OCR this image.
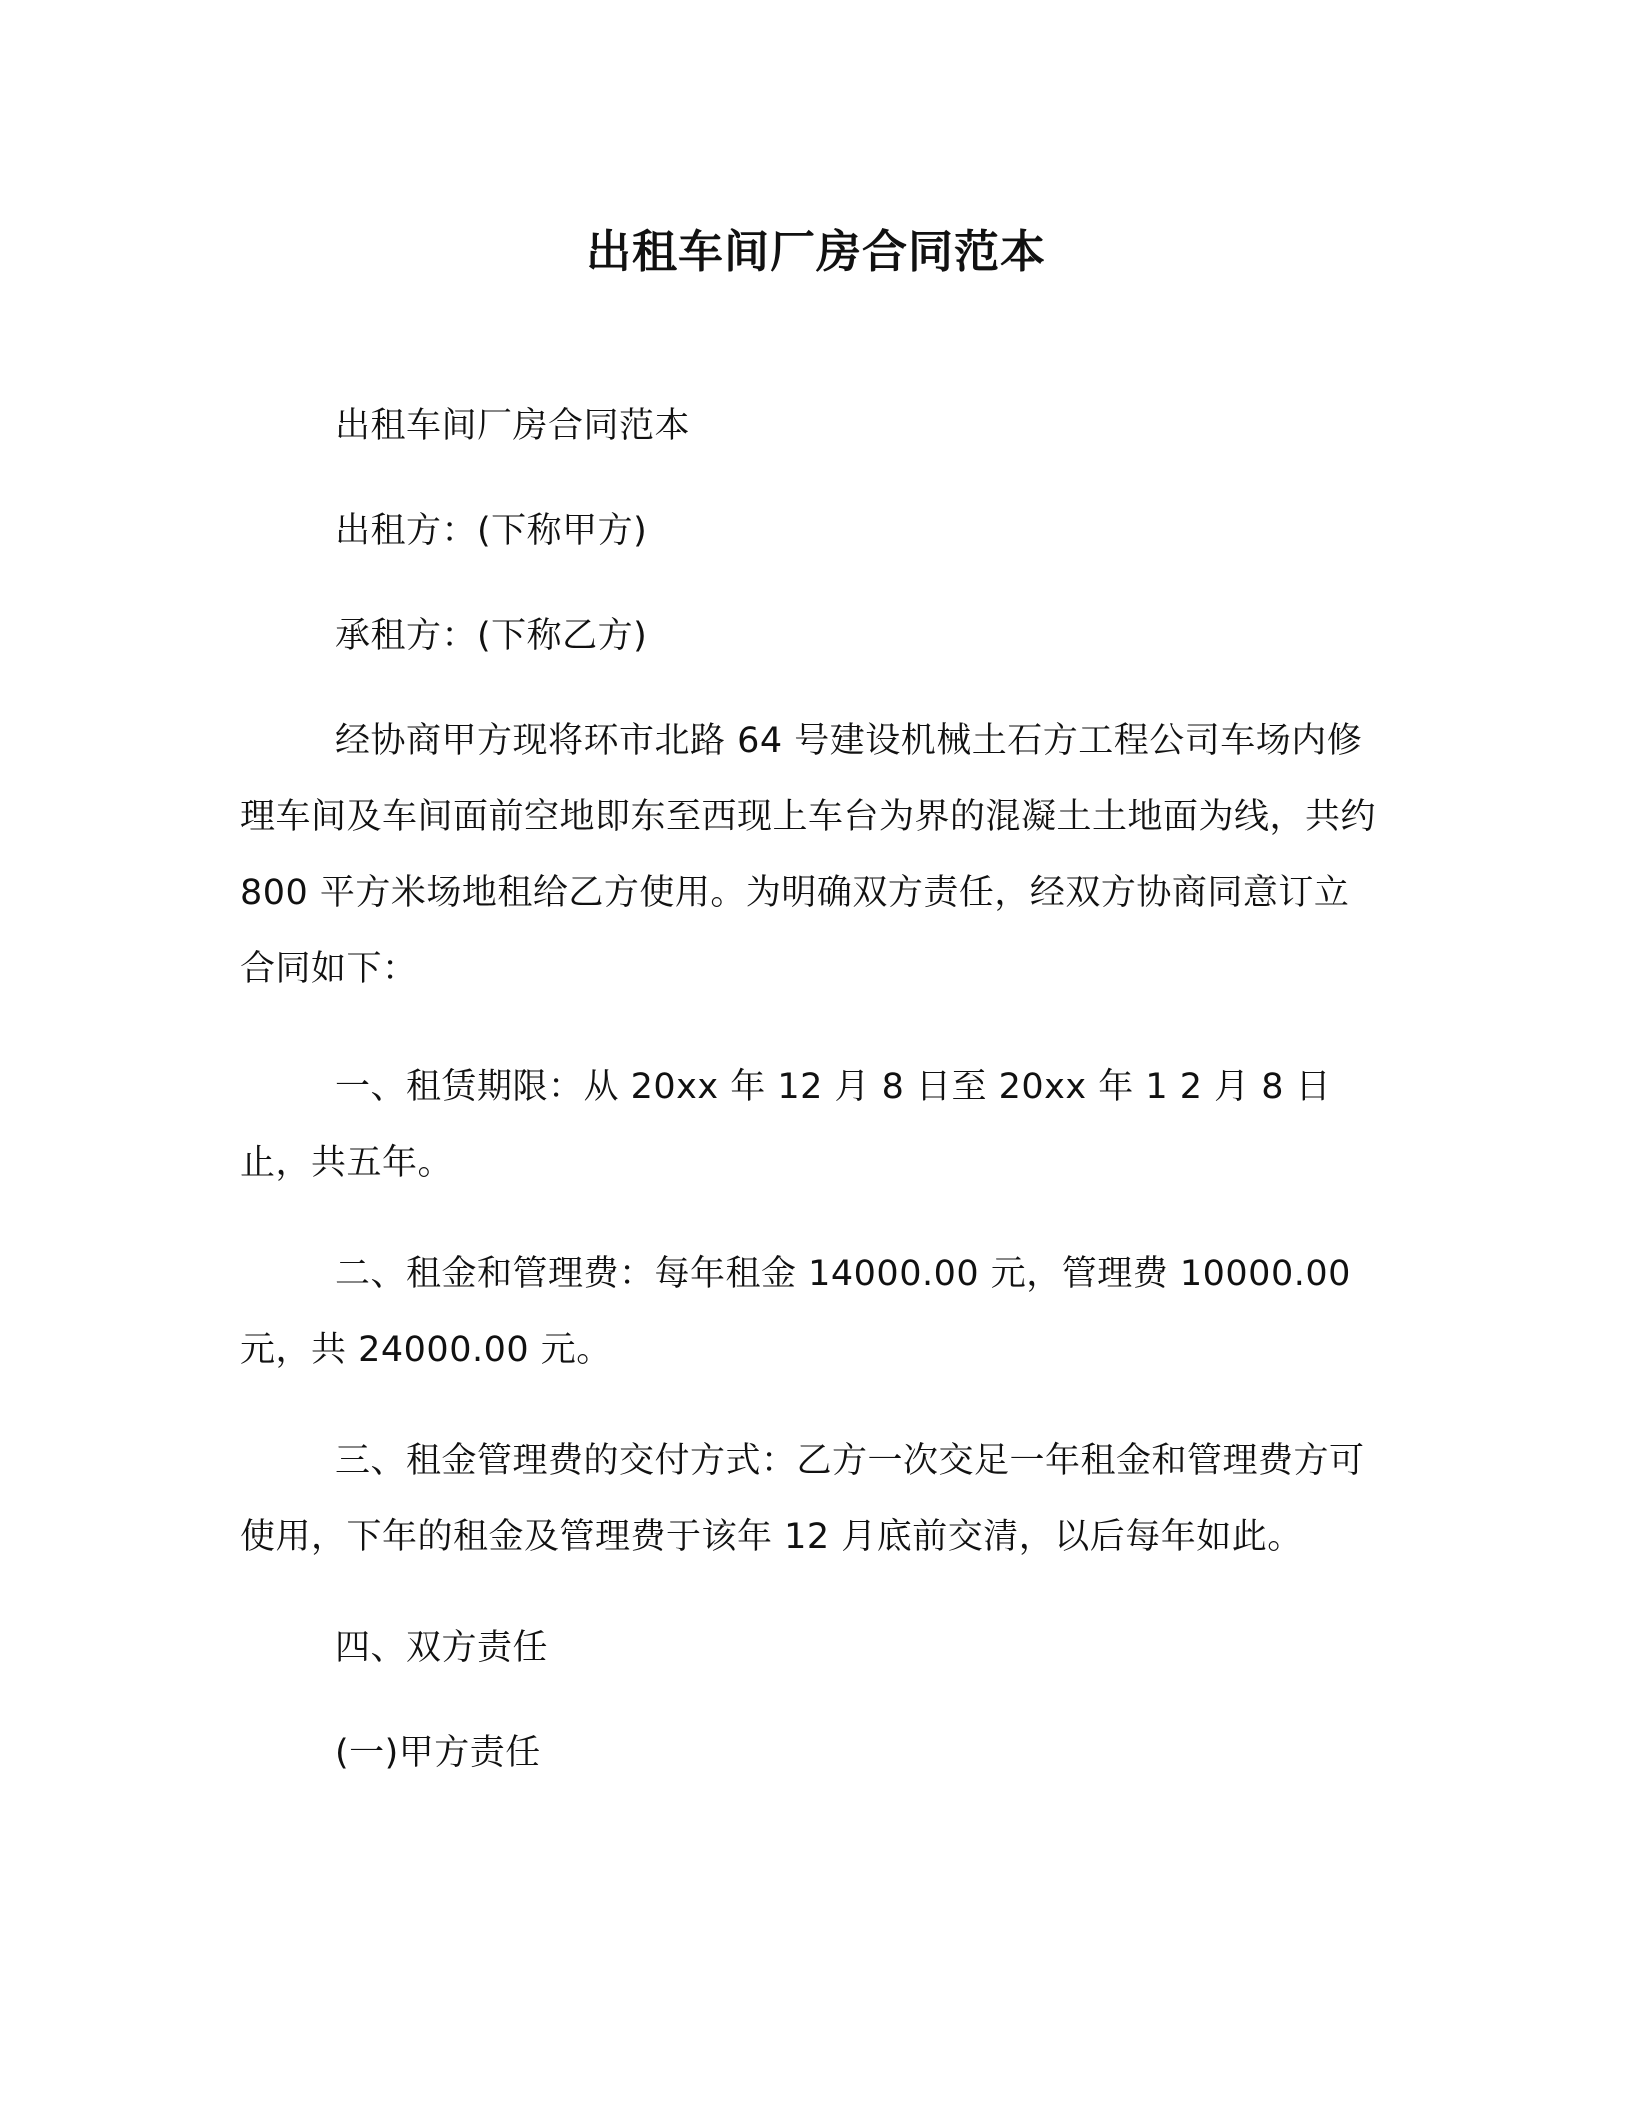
出租车间厂房合同范本

出租车间厂房合同范本

出租方：(下称甲方)

承租方：(下称乙方)

经协商甲方现将环市北路 64 号建设机械土石方工程公司车场内修理车间及车间面前空地即东至西现上车台为界的混凝土土地面为线，共约 800 平方米场地租给乙方使用。为明确双方责任，经双方协商同意订立合同如下：

一、租赁期限：从 20xx 年 12 月 8 日至 20xx 年 1 2 月 8 日止，共五年。

二、租金和管理费：每年租金 14000.00 元，管理费 10000.00 元，共 24000.00 元。

三、租金管理费的交付方式：乙方一次交足一年租金和管理费方可使用，下年的租金及管理费于该年 12 月底前交清，以后每年如此。

四、双方责任

(一)甲方责任
